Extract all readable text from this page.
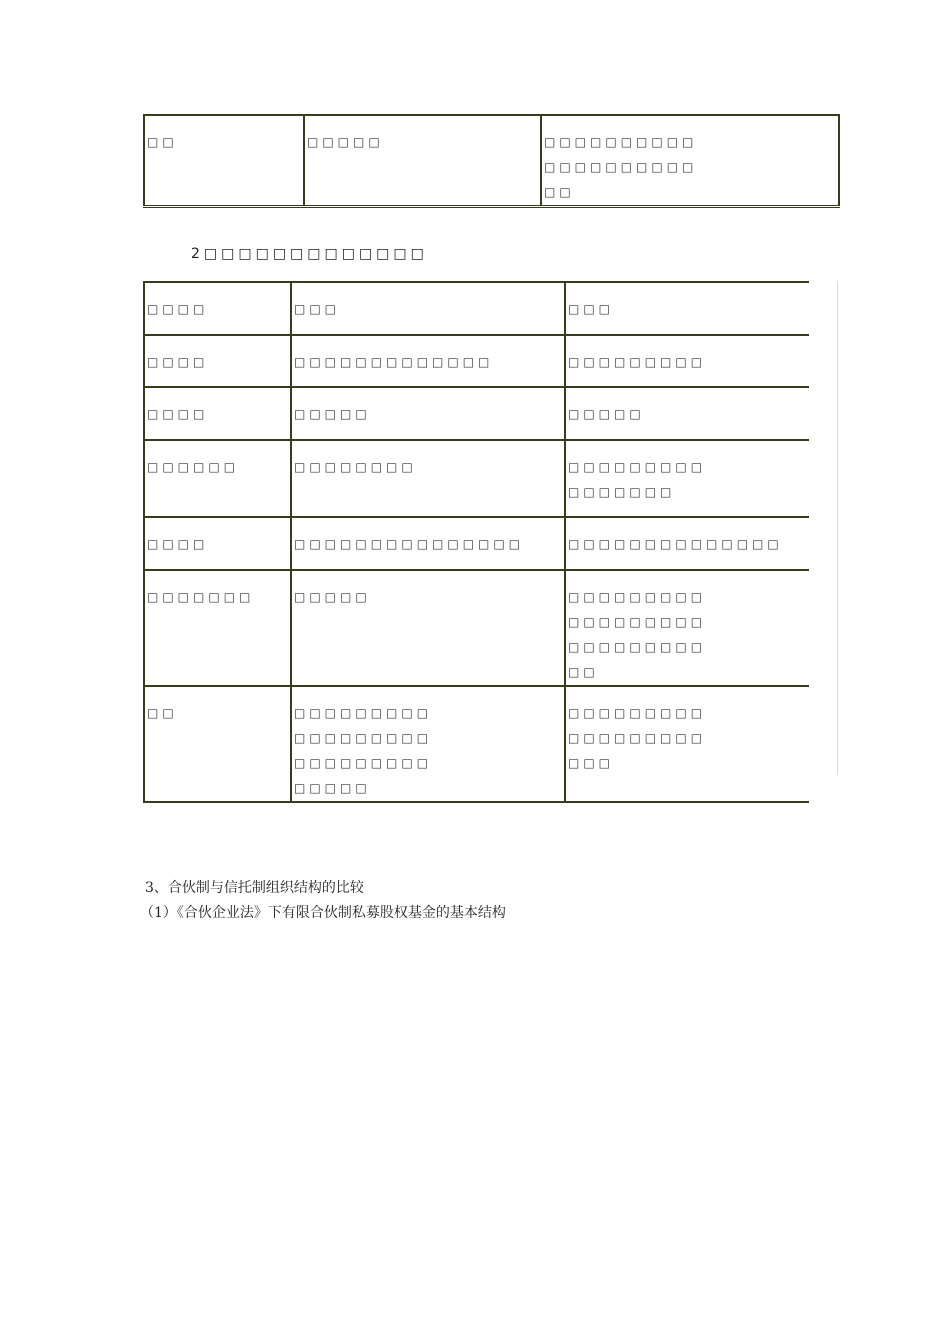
□□	□□□□□	□□□□□□□□□□□□□□□□□□□□□□
2□□□□□□□□□□□□□
□□□□	□□□	□□□
□□□□	□□□□□□□□□□□□□	□□□□□□□□□
□□□□	□□□□□	□□□□□
□□□□□□	□□□□□□□□	□□□□□□□□□□□□□□□□
□□□□	□□□□□□□□□□□□□□□	□□□□□□□□□□□□□□
□□□□□□□	□□□□□	□□□□□□□□□□□□□□□□□□□□□□□□□□□□□
□□	□□□□□□□□□□□□□□□□□□□□□□□□□□□□□□□□	□□□□□□□□□□□□□□□□□□□□□
3、合伙制与信托制组织结构的比较
（1）《合伙企业法》下有限合伙制私募股权基金的基本结构
